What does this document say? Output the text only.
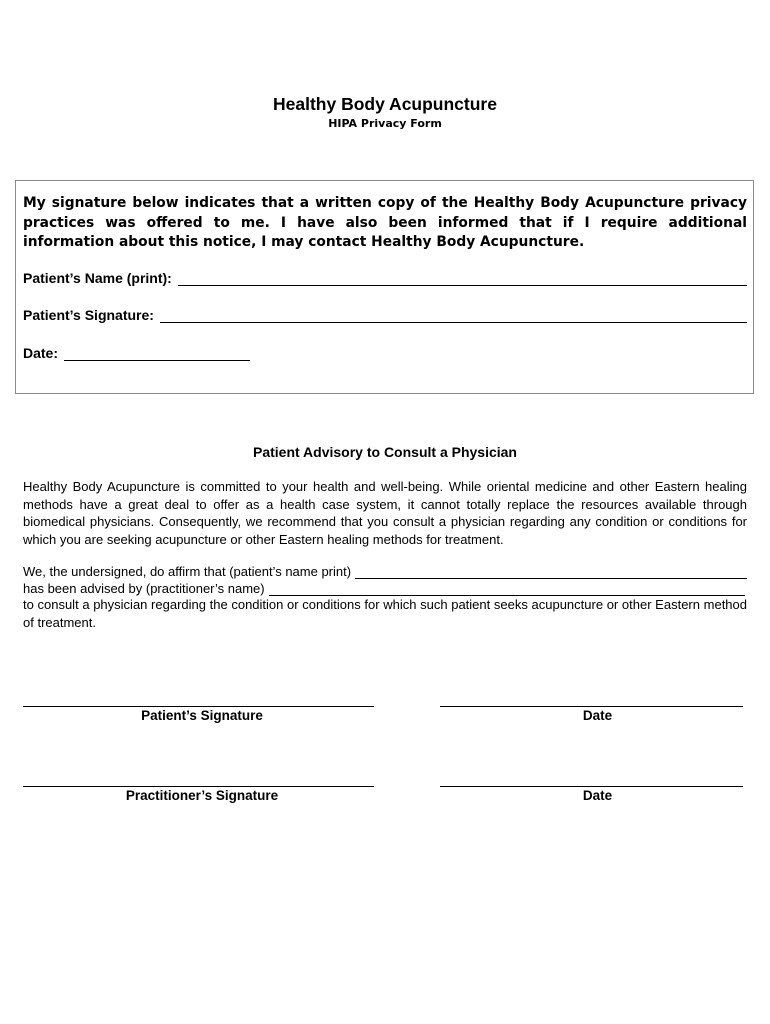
Healthy Body Acupuncture
HIPA Privacy Form
My signature below indicates that a written copy of the Healthy Body Acupuncture privacy practices was offered to me. I have also been informed that if I require additional information about this notice, I may contact Healthy Body Acupuncture.
Patient’s Name (print):
Patient’s Signature:
Date:
Patient Advisory to Consult a Physician
Healthy Body Acupuncture is committed to your health and well-being. While oriental medicine and other Eastern healing methods have a great deal to offer as a health case system, it cannot totally replace the resources available through biomedical physicians. Consequently, we recommend that you consult a physician regarding any condition or conditions for which you are seeking acupuncture or other Eastern healing methods for treatment.
We, the undersigned, do affirm that (patient’s name print)
has been advised by (practitioner’s name)
to consult a physician regarding the condition or conditions for which such patient seeks acupuncture or other Eastern method of treatment.
Patient’s Signature	Date
Practitioner’s Signature	Date
